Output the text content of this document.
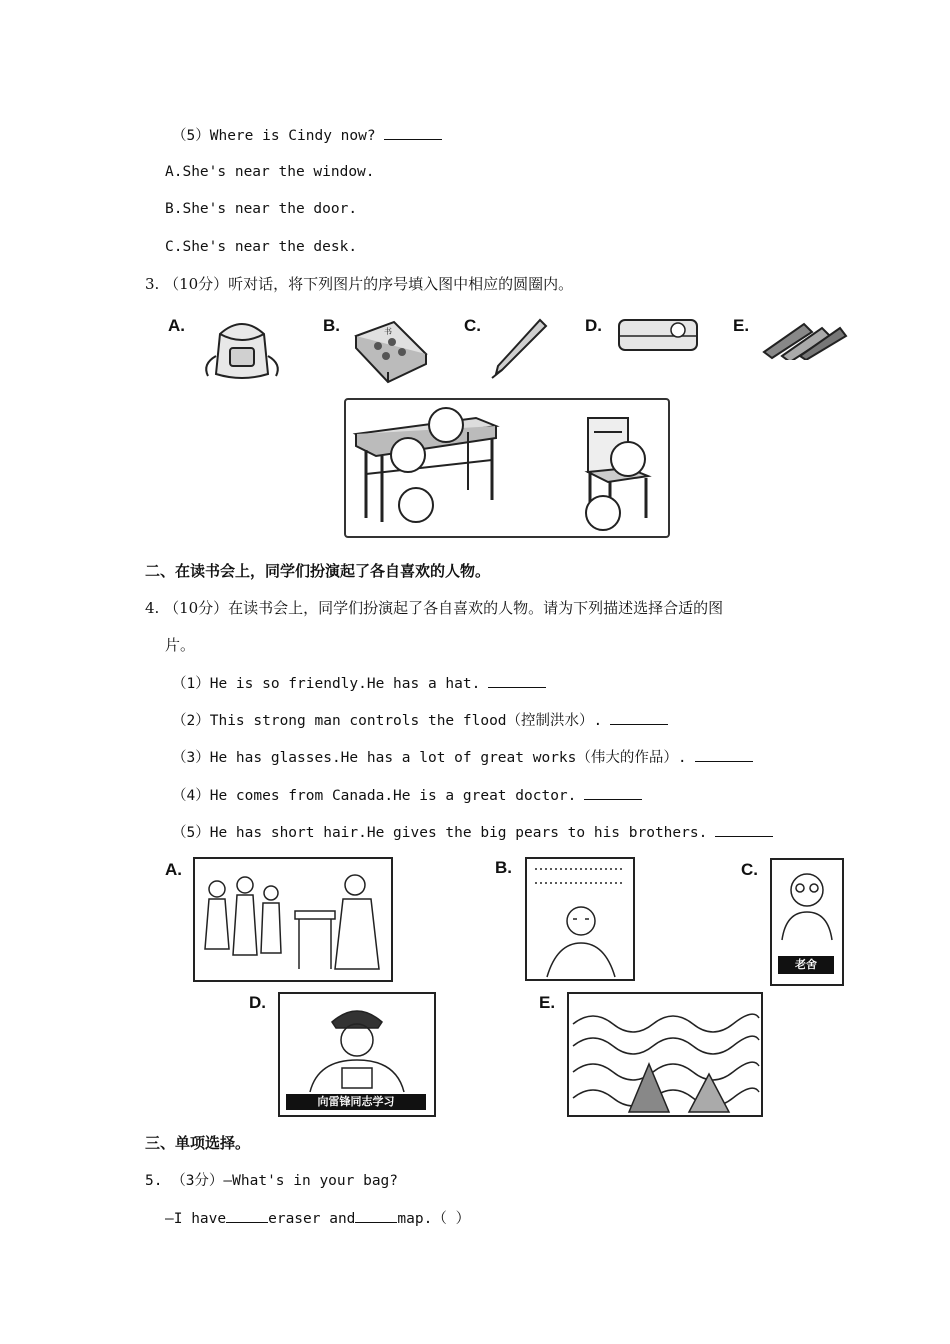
（5）Where is Cindy now?
A.She's near the window.
B.She's near the door.
C.She's near the desk.
3. （10分）听对话，将下列图片的序号填入图中相应的圆圈内。
A.	B.	书	C.	D.	E.
二、在读书会上，同学们扮演起了各自喜欢的人物。
4. （10分）在读书会上，同学们扮演起了各自喜欢的人物。请为下列描述选择合适的图
片。
（1）He is so friendly.He has a hat.
（2）This strong man controls the flood（控制洪水）.
（3）He has glasses.He has a lot of great works（伟大的作品）.
（4）He comes from Canada.He is a great doctor.
（5）He has short hair.He gives the big pears to his brothers.
A.	B.	C.
老舍
D.
向雷锋同志学习
E.
三、单项选择。
5. （3分）—What's in your bag?
—I have	eraser and	map.（ ）
